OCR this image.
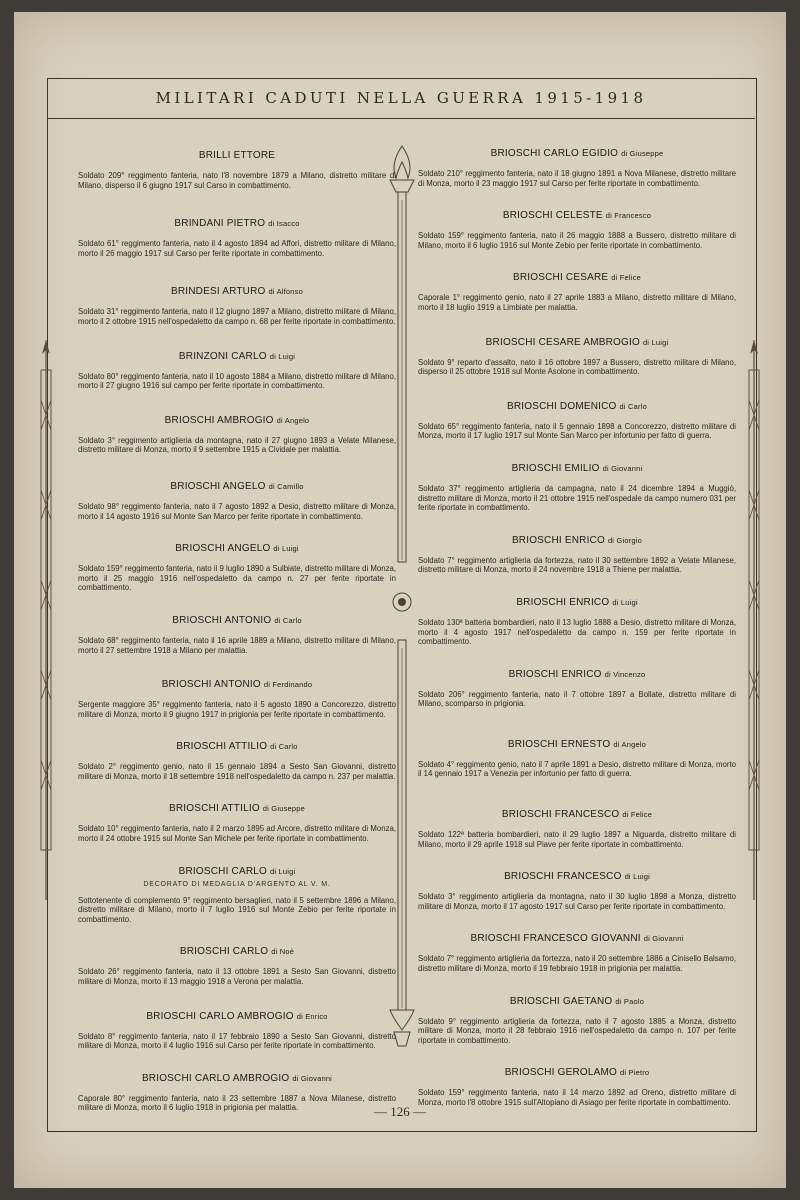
MILITARI CADUTI NELLA GUERRA 1915-1918
BRILLI ETTORE

Soldato 209° reggimento fanteria, nato l'8 novembre 1879 a Milano, distretto militare di Milano, disperso il 6 giugno 1917 sul Carso in combattimento.

BRINDANI PIETRO di Isacco

Soldato 61° reggimento fanteria, nato il 4 agosto 1894 ad Affori, distretto militare di Milano, morto il 26 maggio 1917 sul Carso per ferite riportate in combattimento.

BRINDESI ARTURO di Alfonso

Soldato 31° reggimento fanteria, nato il 12 giugno 1897 a Milano, distretto militare di Milano, morto il 2 ottobre 1915 nell'ospedaletto da campo n. 68 per ferite riportate in combattimento.

BRINZONI CARLO di Luigi

Soldato 80° reggimento fanteria, nato il 10 agosto 1884 a Milano, distretto militare di Milano, morto il 27 giugno 1916 sul campo per ferite riportate in combattimento.

BRIOSCHI AMBROGIO di Angelo

Soldato 3° reggimento artiglieria da montagna, nato il 27 giugno 1893 a Velate Milanese, distretto militare di Monza, morto il 9 settembre 1915 a Cividale per malattia.

BRIOSCHI ANGELO di Camillo

Soldato 98° reggimento fanteria, nato il 7 agosto 1892 a Desio, distretto militare di Monza, morto il 14 agosto 1916 sul Monte San Marco per ferite riportate in combattimento.

BRIOSCHI ANGELO di Luigi

Soldato 159° reggimento fanteria, nato il 9 luglio 1890 a Sulbiate, distretto militare di Monza, morto il 25 maggio 1916 nell'ospedaletto da campo n. 27 per ferite riportate in combattimento.

BRIOSCHI ANTONIO di Carlo

Soldato 68° reggimento fanteria, nato il 16 aprile 1889 a Milano, distretto militare di Milano, morto il 27 settembre 1918 a Milano per malattia.

BRIOSCHI ANTONIO di Ferdinando

Sergente maggiore 35° reggimento fanteria, nato il 5 agosto 1890 a Concorezzo, distretto militare di Monza, morto il 9 giugno 1917 in prigionia per ferite riportate in combattimento.

BRIOSCHI ATTILIO di Carlo

Soldato 2° reggimento genio, nato il 15 gennaio 1894 a Sesto San Giovanni, distretto militare di Monza, morto il 18 settembre 1918 nell'ospedaletto da campo n. 237 per malattia.

BRIOSCHI ATTILIO di Giuseppe

Soldato 10° reggimento fanteria, nato il 2 marzo 1895 ad Arcore, distretto militare di Monza, morto il 24 ottobre 1915 sul Monte San Michele per ferite riportate in combattimento.

BRIOSCHI CARLO di Luigi
DECORATO DI MEDAGLIA D'ARGENTO AL V. M.

Sottotenente di complemento 9° reggimento bersaglieri, nato il 5 settembre 1896 a Milano, distretto militare di Milano, morto il 7 luglio 1916 sul Monte Zebio per ferite riportate in combattimento.

BRIOSCHI CARLO di Noè

Soldato 26° reggimento fanteria, nato il 13 ottobre 1891 a Sesto San Giovanni, distretto militare di Monza, morto il 13 maggio 1918 a Verona per malattia.

BRIOSCHI CARLO AMBROGIO di Enrico

Soldato 8° reggimento fanteria, nato il 17 febbraio 1890 a Sesto San Giovanni, distretto militare di Monza, morto il 4 luglio 1916 sul Carso per ferite riportate in combattimento.

BRIOSCHI CARLO AMBROGIO di Giovanni

Caporale 80° reggimento fanteria, nato il 23 settembre 1887 a Nova Milanese, distretto militare di Monza, morto il 6 luglio 1918 in prigionia per malattia.

BRIOSCHI CARLO EGIDIO di Giuseppe

Soldato 210° reggimento fanteria, nato il 18 giugno 1891 a Nova Milanese, distretto militare di Monza, morto il 23 maggio 1917 sul Carso per ferite riportate in combattimento.

BRIOSCHI CELESTE di Francesco

Soldato 159° reggimento fanteria, nato il 26 maggio 1888 a Bussero, distretto militare di Milano, morto il 6 luglio 1916 sul Monte Zebio per ferite riportate in combattimento.

BRIOSCHI CESARE di Felice

Caporale 1° reggimento genio, nato il 27 aprile 1883 a Milano, distretto militare di Milano, morto il 18 luglio 1919 a Limbiate per malattia.

BRIOSCHI CESARE AMBROGIO di Luigi

Soldato 9° reparto d'assalto, nato il 16 ottobre 1897 a Bussero, distretto militare di Milano, disperso il 25 ottobre 1918 sul Monte Asolone in combattimento.

BRIOSCHI DOMENICO di Carlo

Soldato 65° reggimento fanteria, nato il 5 gennaio 1898 a Concorezzo, distretto militare di Monza, morto il 17 luglio 1917 sul Monte San Marco per infortunio per fatto di guerra.

BRIOSCHI EMILIO di Giovanni

Soldato 37° reggimento artiglieria da campagna, nato il 24 dicembre 1894 a Muggiò, distretto militare di Monza, morto il 21 ottobre 1915 nell'ospedale da campo numero 031 per ferite riportate in combattimento.

BRIOSCHI ENRICO di Giorgio

Soldato 7° reggimento artiglieria da fortezza, nato il 30 settembre 1892 a Velate Milanese, distretto militare di Monza, morto il 24 novembre 1918 a Thiene per malattia.

BRIOSCHI ENRICO di Luigi

Soldato 130ª batteria bombardieri, nato il 13 luglio 1888 a Desio, distretto militare di Monza, morto il 4 agosto 1917 nell'ospedaletto da campo n. 159 per ferite riportate in combattimento.

BRIOSCHI ENRICO di Vincenzo

Soldato 206° reggimento fanteria, nato il 7 ottobre 1897 a Bollate, distretto militare di Milano, scomparso in prigionia.

BRIOSCHI ERNESTO di Angelo

Soldato 4° reggimento genio, nato il 7 aprile 1891 a Desio, distretto militare di Monza, morto il 14 gennaio 1917 a Venezia per infortunio per fatto di guerra.

BRIOSCHI FRANCESCO di Felice

Soldato 122ª batteria bombardieri, nato il 29 luglio 1897 a Niguarda, distretto militare di Milano, morto il 29 aprile 1918 sul Piave per ferite riportate in combattimento.

BRIOSCHI FRANCESCO di Luigi

Soldato 3° reggimento artiglieria da montagna, nato il 30 luglio 1898 a Monza, distretto militare di Monza, morto il 17 agosto 1917 sul Carso per ferite riportate in combattimento.

BRIOSCHI FRANCESCO GIOVANNI di Giovanni

Soldato 7° reggimento artiglieria da fortezza, nato il 20 settembre 1886 a Cinisello Balsamo, distretto militare di Monza, morto il 19 febbraio 1918 in prigionia per malattia.

BRIOSCHI GAETANO di Paolo

Soldato 9° reggimento artiglieria da fortezza, nato il 7 agosto 1885 a Monza, distretto militare di Monza, morto il 28 febbraio 1916 nell'ospedaletto da campo n. 107 per ferite riportate in combattimento.

BRIOSCHI GEROLAMO di Pietro

Soldato 159° reggimento fanteria, nato il 14 marzo 1892 ad Oreno, distretto militare di Monza, morto l'8 ottobre 1915 sull'Altopiano di Asiago per ferite riportate in combattimento.

— 126 —
